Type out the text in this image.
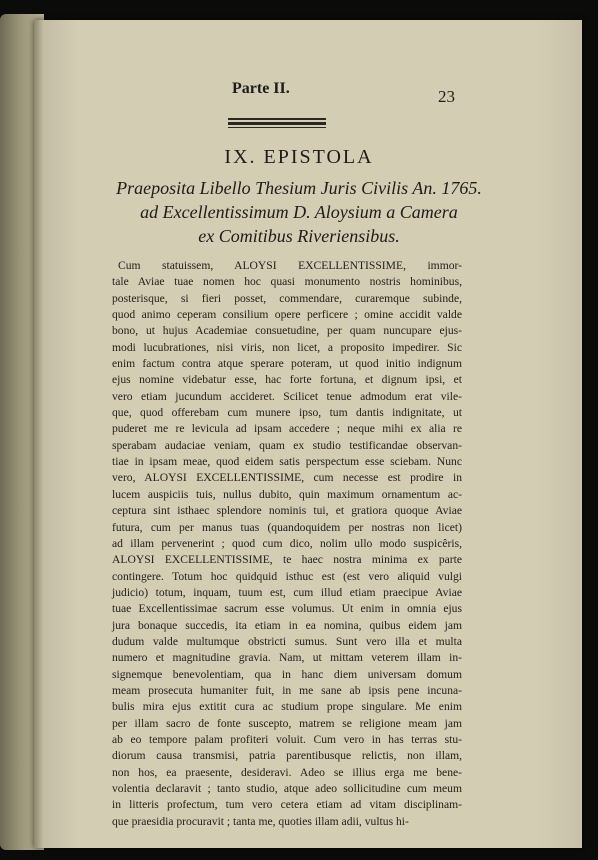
Parte II.	23
IX. EPISTOLA
Praeposita Libello Thesium Juris Civilis An. 1765.
ad Excellentissimum D. Aloysium a Camera
ex Comitibus Riveriensibus.
Cum statuissem, ALOYSI EXCELLENTISSIME, immor-
tale Aviae tuae nomen hoc quasi monumento nostris hominibus,
posterisque, si fieri posset, commendare, curaremque subinde,
quod animo ceperam consilium opere perficere ; omine accidit valde
bono, ut hujus Academiae consuetudine, per quam nuncupare ejus-
modi lucubrationes, nisi viris, non licet, a proposito impedirer. Sic
enim factum contra atque sperare poteram, ut quod initio indignum
ejus nomine videbatur esse, hac forte fortuna, et dignum ipsi, et
vero etiam jucundum accideret. Scilicet tenue admodum erat vile-
que, quod offerebam cum munere ipso, tum dantis indignitate, ut
puderet me re levicula ad ipsam accedere ; neque mihi ex alia re
sperabam audaciae veniam, quam ex studio testificandae observan-
tiae in ipsam meae, quod eidem satis perspectum esse sciebam. Nunc
vero, ALOYSI EXCELLENTISSIME, cum necesse est prodire in
lucem auspiciis tuis, nullus dubito, quin maximum ornamentum ac-
ceptura sint isthaec splendore nominis tui, et gratiora quoque Aviae
futura, cum per manus tuas (quandoquidem per nostras non licet)
ad illam pervenerint ; quod cum dico, nolim ullo modo suspicêris,
ALOYSI EXCELLENTISSIME, te haec nostra minima ex parte
contingere. Totum hoc quidquid isthuc est (est vero aliquid vulgi
judicio) totum, inquam, tuum est, cum illud etiam praecipue Aviae
tuae Excellentissimae sacrum esse volumus. Ut enim in omnia ejus
jura bonaque succedis, ita etiam in ea nomina, quibus eidem jam
dudum valde multumque obstricti sumus. Sunt vero illa et multa
numero et magnitudine gravia. Nam, ut mittam veterem illam in-
signemque benevolentiam, qua in hanc diem universam domum
meam prosecuta humaniter fuit, in me sane ab ipsis pene incuna-
bulis mira ejus extitit cura ac studium prope singulare. Me enim
per illam sacro de fonte suscepto, matrem se religione meam jam
ab eo tempore palam profiteri voluit. Cum vero in has terras stu-
diorum causa transmisi, patria parentibusque relictis, non illam,
non hos, ea praesente, desideravi. Adeo se illius erga me bene-
volentia declaravit ; tanto studio, atque adeo sollicitudine cum meum
in litteris profectum, tum vero cetera etiam ad vitam disciplinam-
que praesidia procuravit ; tanta me, quoties illam adii, vultus hi-
